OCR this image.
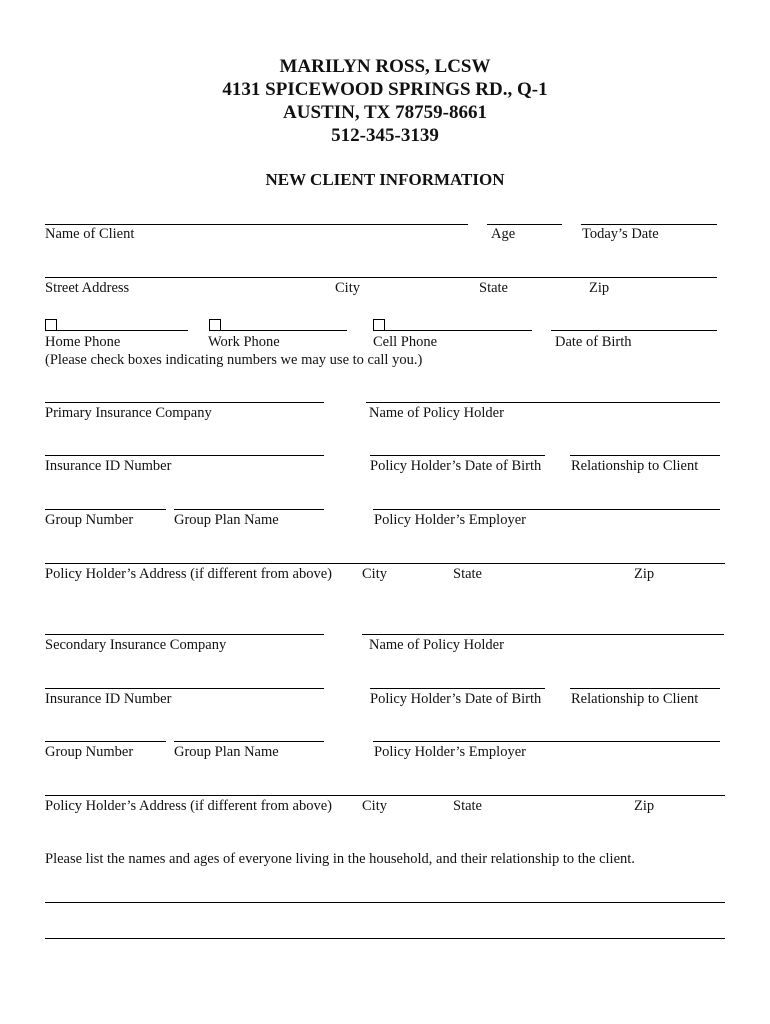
MARILYN ROSS, LCSW
4131 SPICEWOOD SPRINGS RD., Q-1
AUSTIN, TX 78759-8661
512-345-3139
NEW CLIENT INFORMATION
Name of Client	Age	Today’s Date
Street Address	City	State	Zip
Home Phone	Work Phone	Cell Phone	Date of Birth
(Please check boxes indicating numbers we may use to call you.)
Primary Insurance Company	Name of Policy Holder
Insurance ID Number	Policy Holder’s Date of Birth Relationship to Client
Group Number	Group Plan Name	Policy Holder’s Employer
Policy Holder’s Address (if different from above) City	State	Zip
Secondary Insurance Company	Name of Policy Holder
Insurance ID Number	Policy Holder’s Date of Birth Relationship to Client
Group Number	Group Plan Name	Policy Holder’s Employer
Policy Holder’s Address (if different from above) City	State	Zip
Please list the names and ages of everyone living in the household, and their relationship to the client.
